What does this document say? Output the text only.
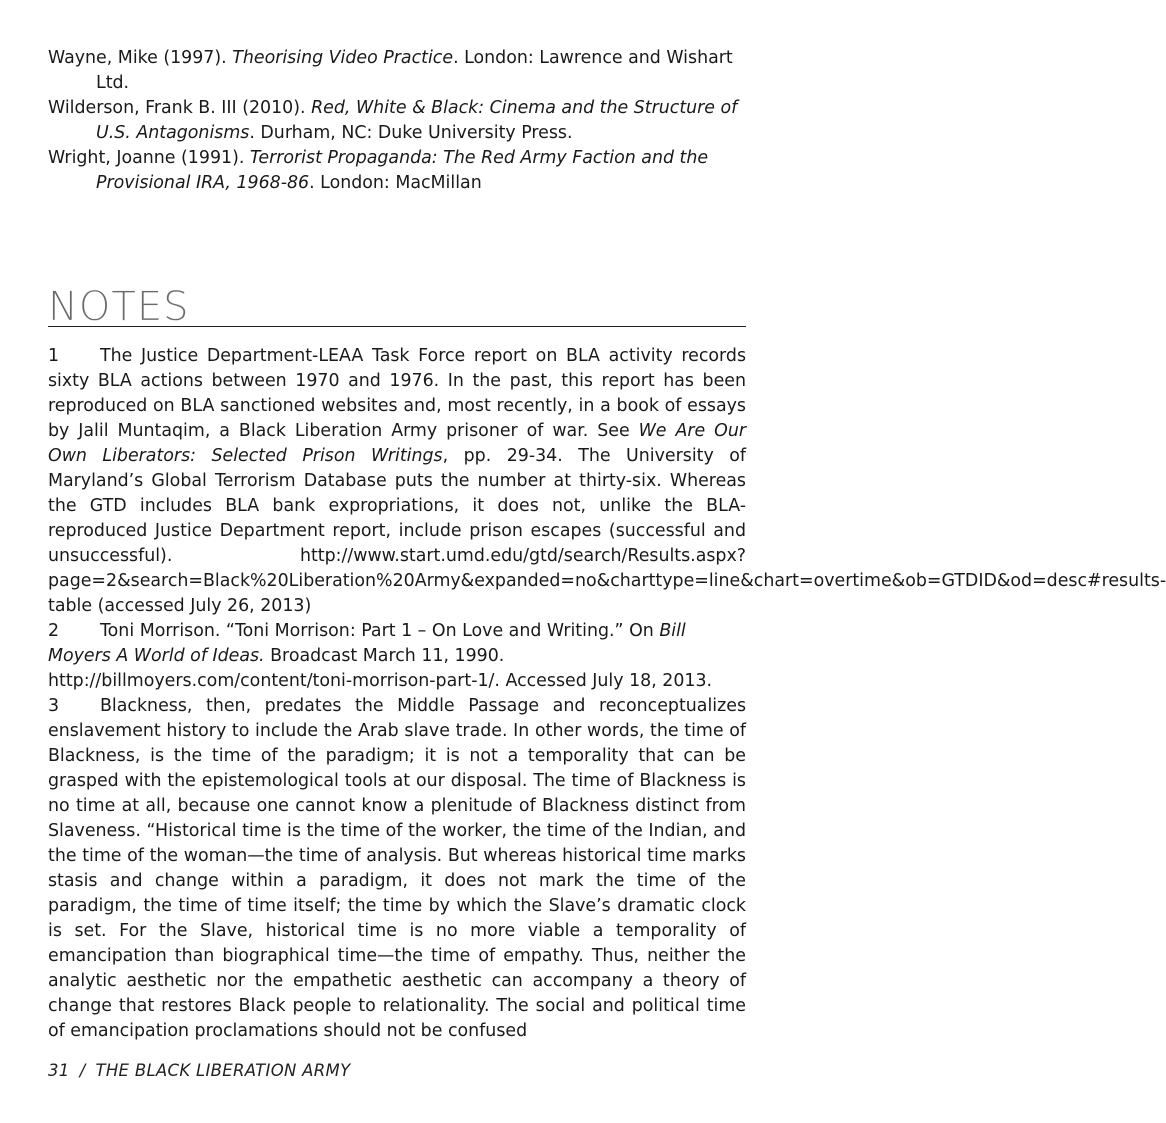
Wayne, Mike (1997). Theorising Video Practice. London: Lawrence and Wishart Ltd.

Wilderson, Frank B. III (2010). Red, White & Black: Cinema and the Structure of U.S. Antagonisms. Durham, NC: Duke University Press.

Wright, Joanne (1991). Terrorist Propaganda: The Red Army Faction and the Provisional IRA, 1968-86. London: MacMillan

NOTES

1 The Justice Department-LEAA Task Force report on BLA activity records sixty BLA actions between 1970 and 1976. In the past, this report has been reproduced on BLA sanctioned websites and, most recently, in a book of essays by Jalil Muntaqim, a Black Liberation Army prisoner of war. See We Are Our Own Liberators: Selected Prison Writings, pp. 29-34. The University of Maryland’s Global Terrorism Database puts the number at thirty-six. Whereas the GTD includes BLA bank expropriations, it does not, unlike the BLA-reproduced Justice Department report, include prison escapes (successful and unsuccessful). http://www.start.umd.edu/gtd/search/Results.aspx?page=2&search=Black%20Liberation%20Army&expanded=no&charttype=line&chart=overtime&ob=GTDID&od=desc#results-table (accessed July 26, 2013)

2 Toni Morrison. “Toni Morrison: Part 1 – On Love and Writing.” On Bill Moyers A World of Ideas. Broadcast March 11, 1990. http://billmoyers.com/content/toni-morrison-part-1/. Accessed July 18, 2013.

3 Blackness, then, predates the Middle Passage and reconceptualizes enslavement history to include the Arab slave trade. In other words, the time of Blackness, is the time of the paradigm; it is not a temporality that can be grasped with the epistemological tools at our disposal. The time of Blackness is no time at all, because one cannot know a plenitude of Blackness distinct from Slaveness. “Historical time is the time of the worker, the time of the Indian, and the time of the woman—the time of analysis. But whereas historical time marks stasis and change within a paradigm, it does not mark the time of the paradigm, the time of time itself; the time by which the Slave’s dramatic clock is set. For the Slave, historical time is no more viable a temporality of emancipation than biographical time—the time of empathy. Thus, neither the analytic aesthetic nor the empathetic aesthetic can accompany a theory of change that restores Black people to relationality. The social and political time of emancipation proclamations should not be confused

31 / THE BLACK LIBERATION ARMY
